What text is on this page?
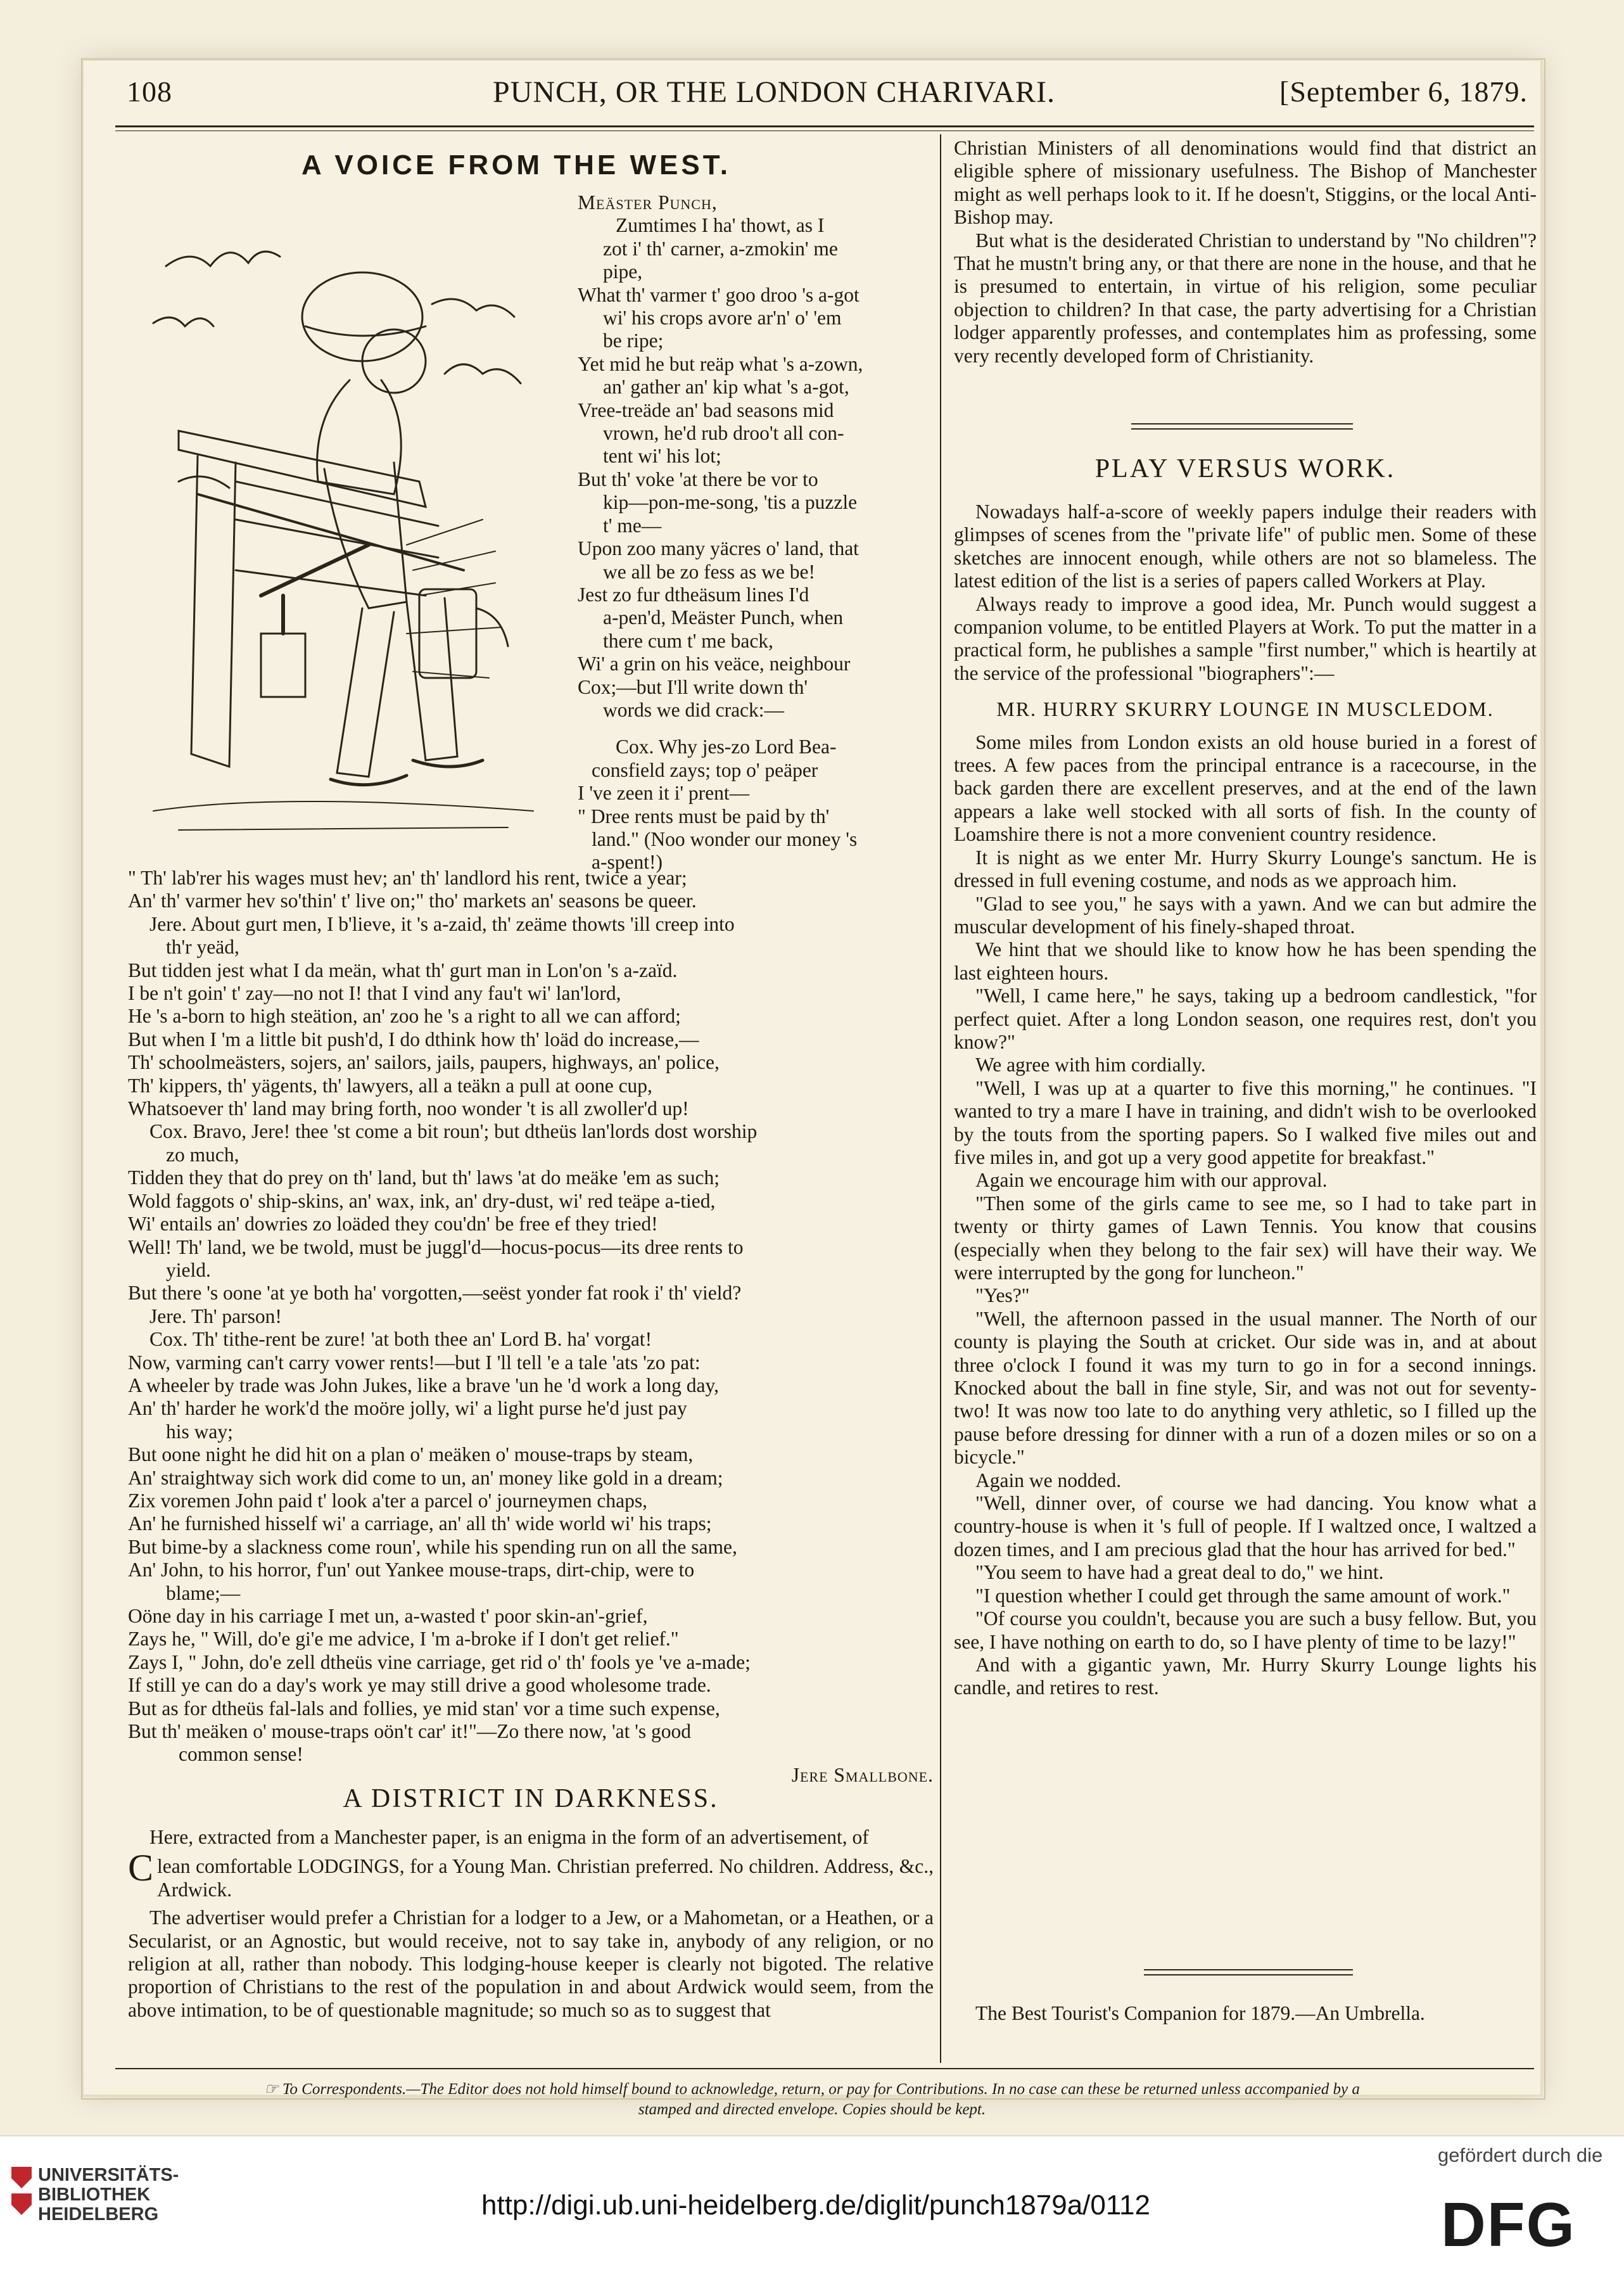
108	PUNCH, OR THE LONDON CHARIVARI.	[September 6, 1879.
A VOICE FROM THE WEST.

Meäster Punch,

Zumtimes I ha' thowt, as I

zot i' th' carner, a-zmokin' me

pipe,

What th' varmer t' goo droo 's a-got

wi' his crops avore ar'n' o' 'em

be ripe;

Yet mid he but reäp what 's a-zown,

an' gather an' kip what 's a-got,

Vree-treäde an' bad seasons mid

vrown, he'd rub droo't all con-

tent wi' his lot;

But th' voke 'at there be vor to

kip—pon-me-song, 'tis a puzzle

t' me—

Upon zoo many yäcres o' land, that

we all be zo fess as we be!

Jest zo fur dtheäsum lines I'd

a-pen'd, Meäster Punch, when

there cum t' me back,

Wi' a grin on his veäce, neighbour

Cox;—but I'll write down th'

words we did crack:—

Cox. Why jes-zo Lord Bea-

consfield zays; top o' peäper

I 've zeen it i' prent—

" Dree rents must be paid by th'

land." (Noo wonder our money 's

a-spent!)

" Th' lab'rer his wages must hev; an' th' landlord his rent, twice a year;

An' th' varmer hev so'thin' t' live on;" tho' markets an' seasons be queer.

Jere. About gurt men, I b'lieve, it 's a-zaid, th' zeäme thowts 'ill creep into

th'r yeäd,

But tidden jest what I da meän, what th' gurt man in Lon'on 's a-zaïd.

I be n't goin' t' zay—no not I! that I vind any fau't wi' lan'lord,

He 's a-born to high steätion, an' zoo he 's a right to all we can afford;

But when I 'm a little bit push'd, I do dthink how th' loäd do increase,—

Th' schoolmeästers, sojers, an' sailors, jails, paupers, highways, an' police,

Th' kippers, th' yägents, th' lawyers, all a teäkn a pull at oone cup,

Whatsoever th' land may bring forth, noo wonder 't is all zwoller'd up!

Cox. Bravo, Jere! thee 'st come a bit roun'; but dtheüs lan'lords dost worship

zo much,

Tidden they that do prey on th' land, but th' laws 'at do meäke 'em as such;

Wold faggots o' ship-skins, an' wax, ink, an' dry-dust, wi' red teäpe a-tied,

Wi' entails an' dowries zo loäded they cou'dn' be free ef they tried!

Well! Th' land, we be twold, must be juggl'd—hocus-pocus—its dree rents to

yield.

But there 's oone 'at ye both ha' vorgotten,—seëst yonder fat rook i' th' vield?

Jere. Th' parson!

Cox. Th' tithe-rent be zure! 'at both thee an' Lord B. ha' vorgat!

Now, varming can't carry vower rents!—but I 'll tell 'e a tale 'ats 'zo pat:

A wheeler by trade was John Jukes, like a brave 'un he 'd work a long day,

An' th' harder he work'd the moöre jolly, wi' a light purse he'd just pay

his way;

But oone night he did hit on a plan o' meäken o' mouse-traps by steam,

An' straightway sich work did come to un, an' money like gold in a dream;

Zix voremen John paid t' look a'ter a parcel o' journeymen chaps,

An' he furnished hisself wi' a carriage, an' all th' wide world wi' his traps;

But bime-by a slackness come roun', while his spending run on all the same,

An' John, to his horror, f'un' out Yankee mouse-traps, dirt-chip, were to

blame;—

Oöne day in his carriage I met un, a-wasted t' poor skin-an'-grief,

Zays he, " Will, do'e gi'e me advice, I 'm a-broke if I don't get relief."

Zays I, " John, do'e zell dtheüs vine carriage, get rid o' th' fools ye 've a-made;

If still ye can do a day's work ye may still drive a good wholesome trade.

But as for dtheüs fal-lals and follies, ye mid stan' vor a time such expense,

But th' meäken o' mouse-traps oön't car' it!"—Zo there now, 'at 's good

common sense!

Jere Smallbone.

A DISTRICT IN DARKNESS.

Here, extracted from a Manchester paper, is an enigma in the form of an advertisement, of

Clean comfortable LODGINGS, for a Young Man. Christian preferred. No children. Address, &c., Ardwick.

The advertiser would prefer a Christian for a lodger to a Jew, or a Mahometan, or a Heathen, or a Secularist, or an Agnostic, but would receive, not to say take in, anybody of any religion, or no religion at all, rather than nobody. This lodging-house keeper is clearly not bigoted. The relative proportion of Christians to the rest of the population in and about Ardwick would seem, from the above intimation, to be of questionable magnitude; so much so as to suggest that

Christian Ministers of all denominations would find that district an eligible sphere of missionary usefulness. The Bishop of Manchester might as well perhaps look to it. If he doesn't, Stiggins, or the local Anti-Bishop may.

But what is the desiderated Christian to understand by "No children"? That he mustn't bring any, or that there are none in the house, and that he is presumed to entertain, in virtue of his religion, some peculiar objection to children? In that case, the party advertising for a Christian lodger apparently professes, and contemplates him as professing, some very recently developed form of Christianity.

PLAY VERSUS WORK.

Nowadays half-a-score of weekly papers indulge their readers with glimpses of scenes from the "private life" of public men. Some of these sketches are innocent enough, while others are not so blameless. The latest edition of the list is a series of papers called Workers at Play.

Always ready to improve a good idea, Mr. Punch would suggest a companion volume, to be entitled Players at Work. To put the matter in a practical form, he publishes a sample "first number," which is heartily at the service of the professional "biographers":—

MR. HURRY SKURRY LOUNGE IN MUSCLEDOM.

Some miles from London exists an old house buried in a forest of trees. A few paces from the principal entrance is a racecourse, in the back garden there are excellent preserves, and at the end of the lawn appears a lake well stocked with all sorts of fish. In the county of Loamshire there is not a more convenient country residence.

It is night as we enter Mr. Hurry Skurry Lounge's sanctum. He is dressed in full evening costume, and nods as we approach him.

"Glad to see you," he says with a yawn. And we can but admire the muscular development of his finely-shaped throat.

We hint that we should like to know how he has been spending the last eighteen hours.

"Well, I came here," he says, taking up a bedroom candlestick, "for perfect quiet. After a long London season, one requires rest, don't you know?"

We agree with him cordially.

"Well, I was up at a quarter to five this morning," he continues. "I wanted to try a mare I have in training, and didn't wish to be overlooked by the touts from the sporting papers. So I walked five miles out and five miles in, and got up a very good appetite for breakfast."

Again we encourage him with our approval.

"Then some of the girls came to see me, so I had to take part in twenty or thirty games of Lawn Tennis. You know that cousins (especially when they belong to the fair sex) will have their way. We were interrupted by the gong for luncheon."

"Yes?"

"Well, the afternoon passed in the usual manner. The North of our county is playing the South at cricket. Our side was in, and at about three o'clock I found it was my turn to go in for a second innings. Knocked about the ball in fine style, Sir, and was not out for seventy-two! It was now too late to do anything very athletic, so I filled up the pause before dressing for dinner with a run of a dozen miles or so on a bicycle."

Again we nodded.

"Well, dinner over, of course we had dancing. You know what a country-house is when it 's full of people. If I waltzed once, I waltzed a dozen times, and I am precious glad that the hour has arrived for bed."

"You seem to have had a great deal to do," we hint.

"I question whether I could get through the same amount of work."

"Of course you couldn't, because you are such a busy fellow. But, you see, I have nothing on earth to do, so I have plenty of time to be lazy!"

And with a gigantic yawn, Mr. Hurry Skurry Lounge lights his candle, and retires to rest.

The Best Tourist's Companion for 1879.—An Umbrella.

☞ To Correspondents.—The Editor does not hold himself bound to acknowledge, return, or pay for Contributions. In no case can these be returned unless accompanied by a
stamped and directed envelope. Copies should be kept.
UNIVERSITÄTS-
BIBLIOTHEK
HEIDELBERG	http://digi.ub.uni-heidelberg.de/diglit/punch1879a/0112
gefördert durch die
DFG
